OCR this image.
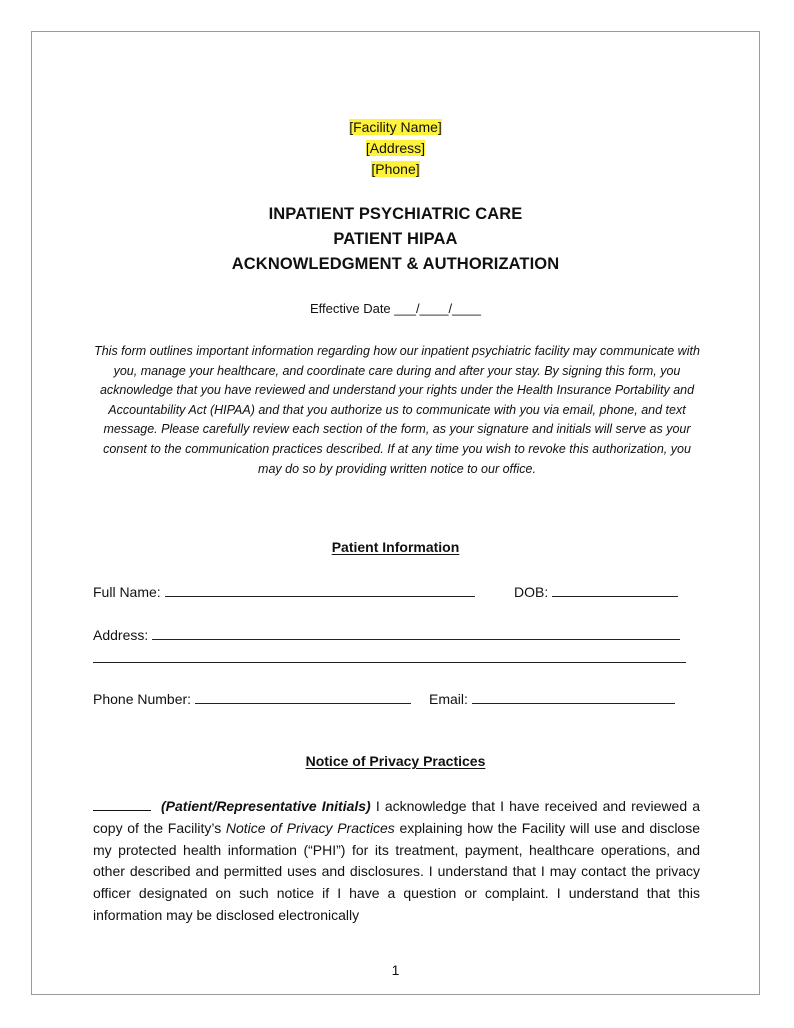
[Facility Name]
[Address]
[Phone]
INPATIENT PSYCHIATRIC CARE
PATIENT HIPAA
ACKNOWLEDGMENT & AUTHORIZATION
Effective Date ___/____/____

This form outlines important information regarding how our inpatient psychiatric facility may communicate with you, manage your healthcare, and coordinate care during and after your stay. By signing this form, you acknowledge that you have reviewed and understand your rights under the Health Insurance Portability and Accountability Act (HIPAA) and that you authorize us to communicate with you via email, phone, and text message. Please carefully review each section of the form, as your signature and initials will serve as your consent to the communication practices described. If at any time you wish to revoke this authorization, you may do so by providing written notice to our office.

Patient Information
Full Name:	DOB:
Address:
Phone Number:	Email:
Notice of Privacy Practices

(Patient/Representative Initials) I acknowledge that I have received and reviewed a copy of the Facility’s Notice of Privacy Practices explaining how the Facility will use and disclose my protected health information (“PHI”) for its treatment, payment, healthcare operations, and other described and permitted uses and disclosures. I understand that I may contact the privacy officer designated on such notice if I have a question or complaint. I understand that this information may be disclosed electronically

1
